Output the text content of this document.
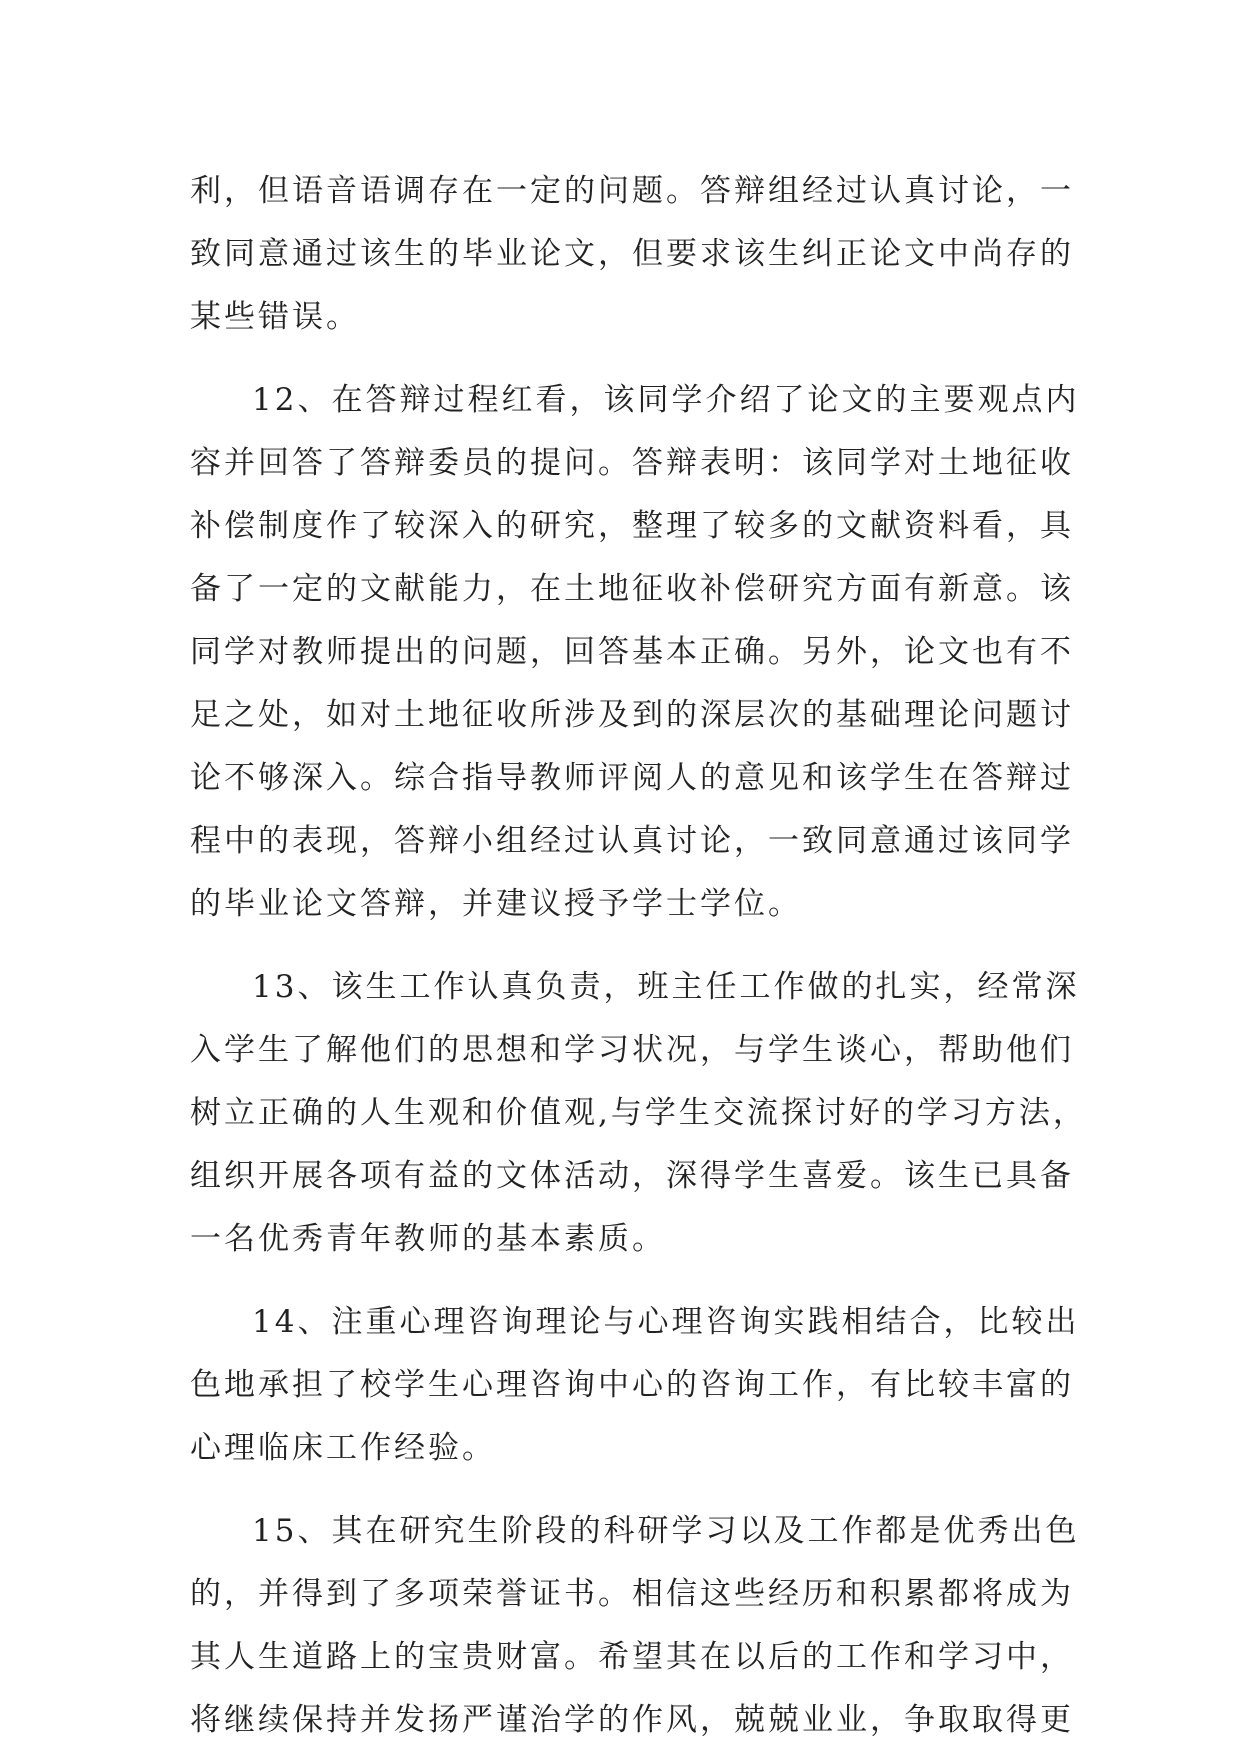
利，但语音语调存在一定的问题。答辩组经过认真讨论，一
致同意通过该生的毕业论文，但要求该生纠正论文中尚存的
某些错误。
12、在答辩过程红看，该同学介绍了论文的主要观点内
容并回答了答辩委员的提问。答辩表明：该同学对土地征收
补偿制度作了较深入的研究，整理了较多的文献资料看，具
备了一定的文献能力，在土地征收补偿研究方面有新意。该
同学对教师提出的问题，回答基本正确。另外，论文也有不
足之处，如对土地征收所涉及到的深层次的基础理论问题讨
论不够深入。综合指导教师评阅人的意见和该学生在答辩过
程中的表现，答辩小组经过认真讨论，一致同意通过该同学
的毕业论文答辩，并建议授予学士学位。
13、该生工作认真负责，班主任工作做的扎实，经常深
入学生了解他们的思想和学习状况，与学生谈心，帮助他们
树立正确的人生观和价值观,与学生交流探讨好的学习方法，
组织开展各项有益的文体活动，深得学生喜爱。该生已具备
一名优秀青年教师的基本素质。
14、注重心理咨询理论与心理咨询实践相结合，比较出
色地承担了校学生心理咨询中心的咨询工作，有比较丰富的
心理临床工作经验。
15、其在研究生阶段的科研学习以及工作都是优秀出色
的，并得到了多项荣誉证书。相信这些经历和积累都将成为
其人生道路上的宝贵财富。希望其在以后的工作和学习中，
将继续保持并发扬严谨治学的作风，兢兢业业，争取取得更
